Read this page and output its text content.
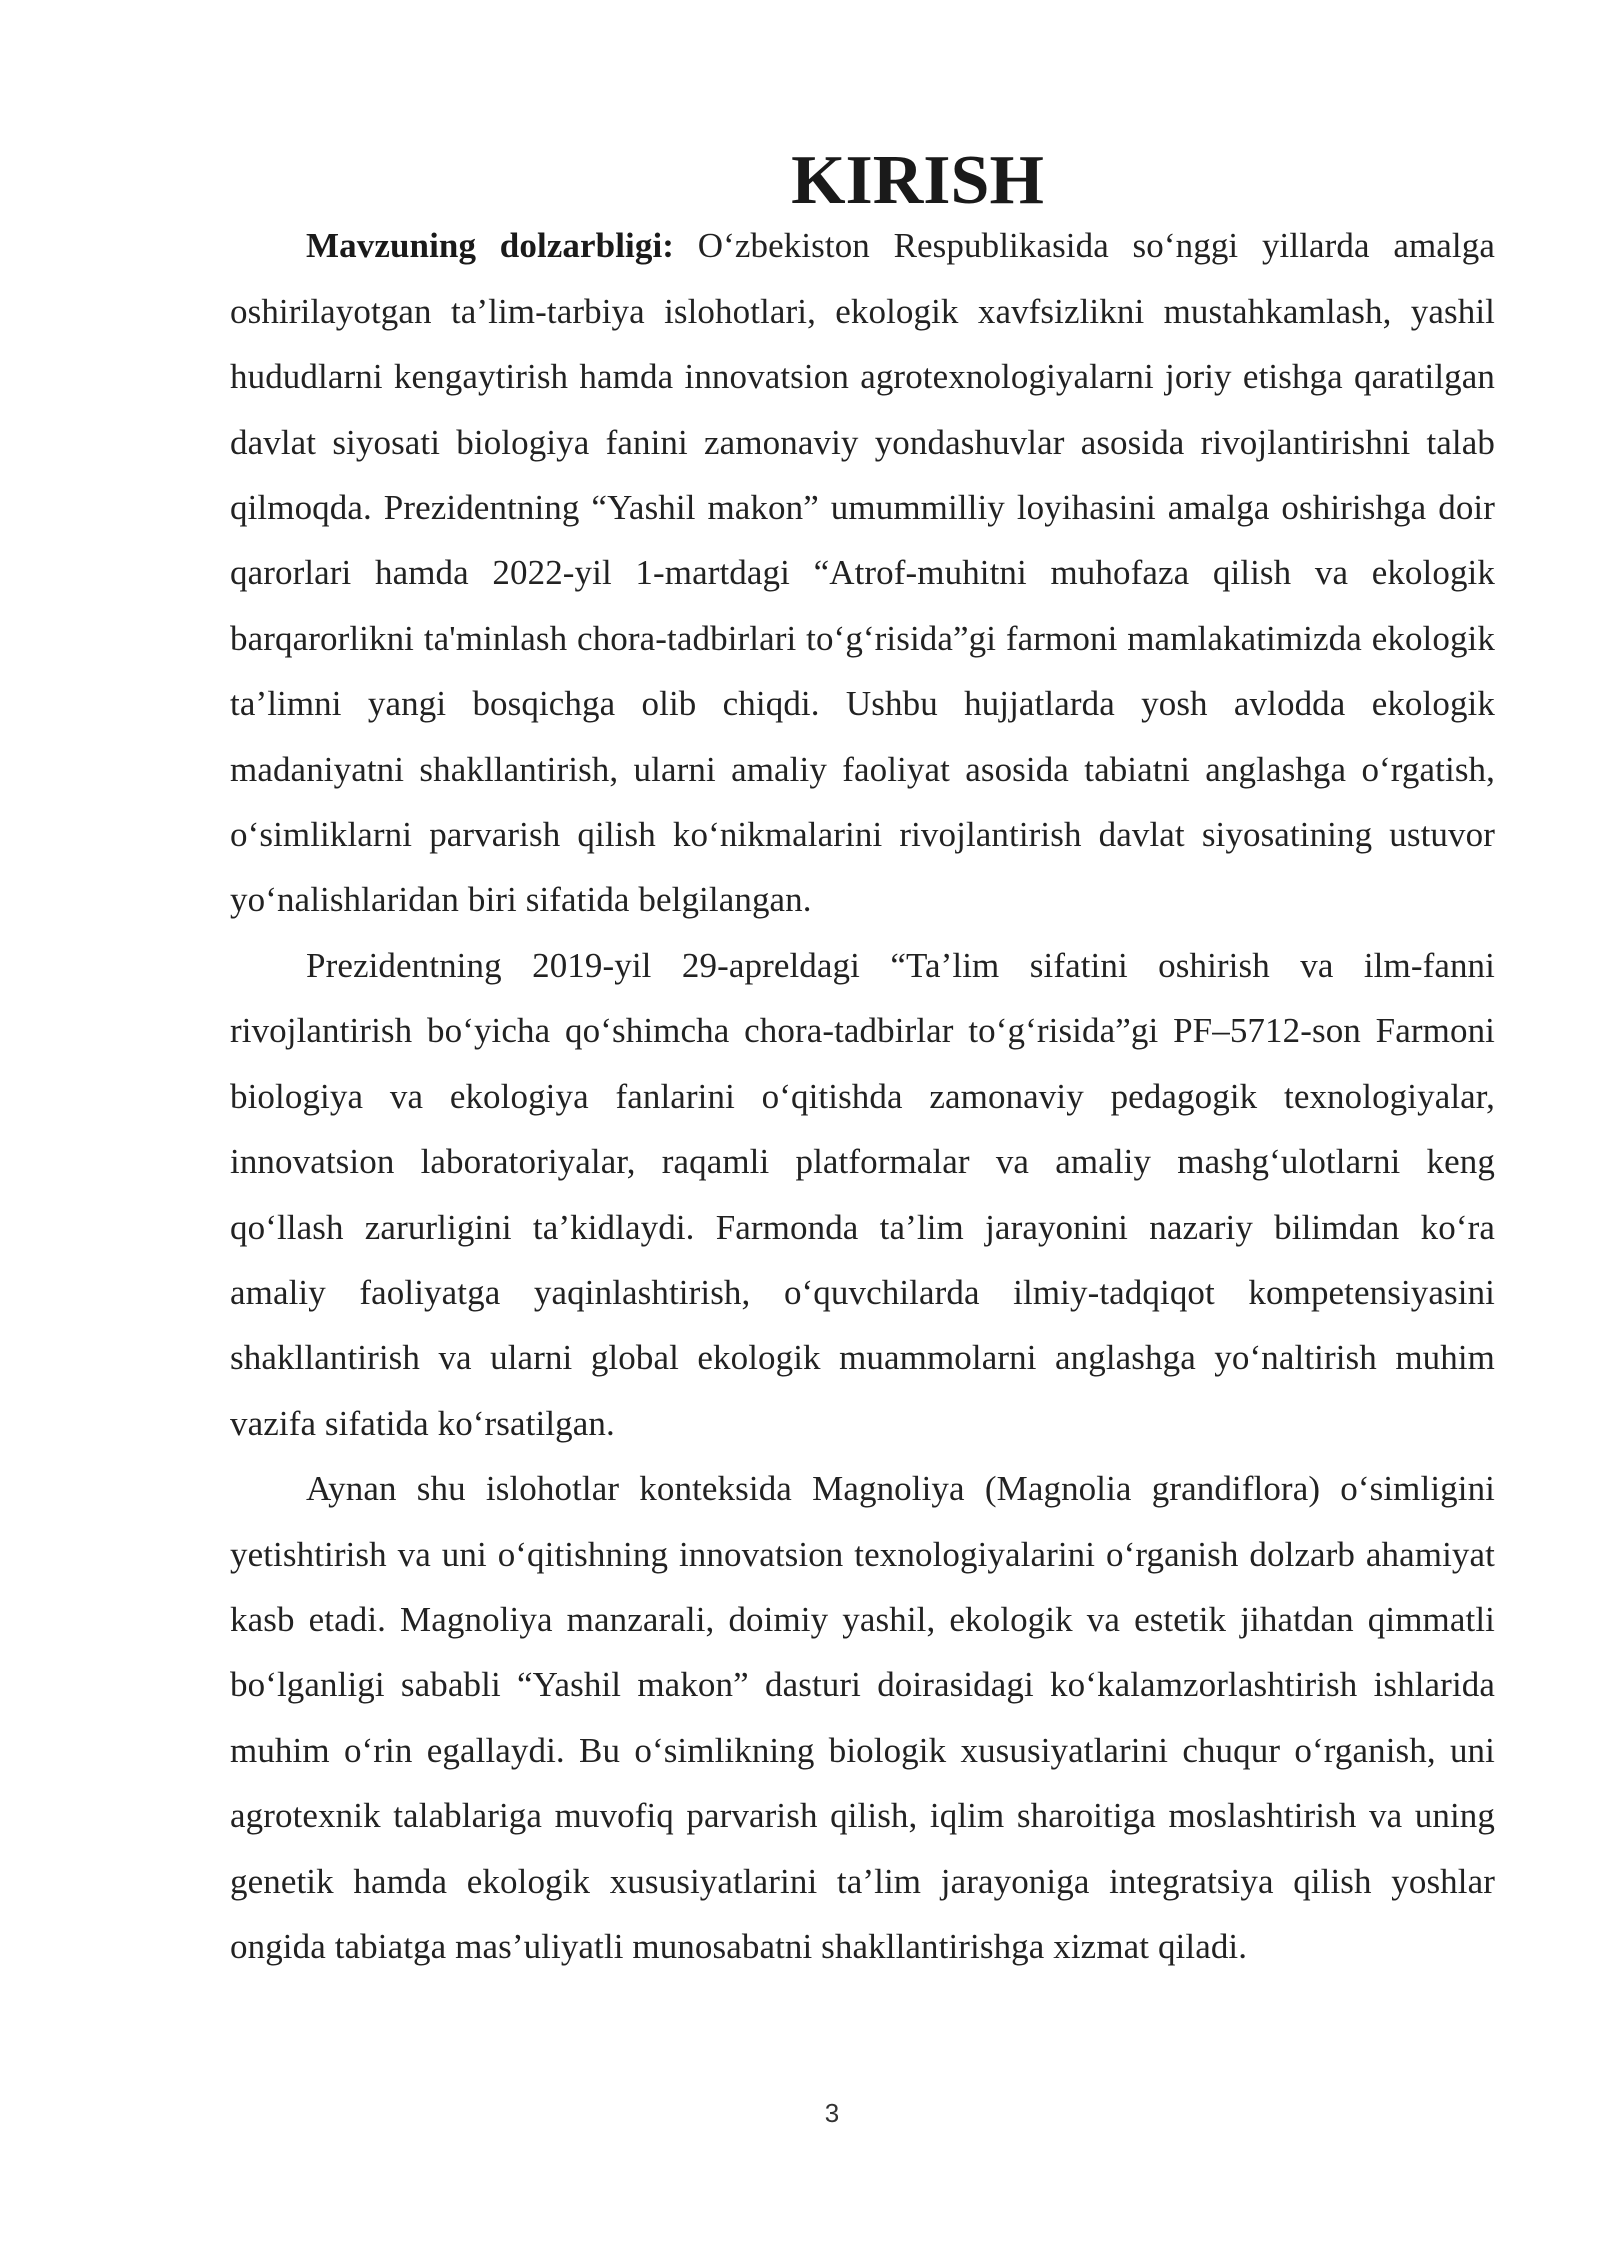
KIRISH

Mavzuning dolzarbligi: O‘zbekiston Respublikasida so‘nggi yillarda amalga oshirilayotgan ta’lim-tarbiya islohotlari, ekologik xavfsizlikni mustahkamlash, yashil hududlarni kengaytirish hamda innovatsion agrotexnologiyalarni joriy etishga qaratilgan davlat siyosati biologiya fanini zamonaviy yondashuvlar asosida rivojlantirishni talab qilmoqda. Prezidentning “Yashil makon” umummilliy loyihasini amalga oshirishga doir qarorlari hamda 2022-yil 1-martdagi “Atrof-muhitni muhofaza qilish va ekologik barqarorlikni ta'minlash chora-tadbirlari to‘g‘risida”gi farmoni mamlakatimizda ekologik ta’limni yangi bosqichga olib chiqdi. Ushbu hujjatlarda yosh avlodda ekologik madaniyatni shakllantirish, ularni amaliy faoliyat asosida tabiatni anglashga o‘rgatish, o‘simliklarni parvarish qilish ko‘nikmalarini rivojlantirish davlat siyosatining ustuvor yo‘nalishlaridan biri sifatida belgilangan.

Prezidentning 2019-yil 29-apreldagi “Ta’lim sifatini oshirish va ilm-fanni rivojlantirish bo‘yicha qo‘shimcha chora-tadbirlar to‘g‘risida”gi PF–5712-son Farmoni biologiya va ekologiya fanlarini o‘qitishda zamonaviy pedagogik texnologiyalar, innovatsion laboratoriyalar, raqamli platformalar va amaliy mashg‘ulotlarni keng qo‘llash zarurligini ta’kidlaydi. Farmonda ta’lim jarayonini nazariy bilimdan ko‘ra amaliy faoliyatga yaqinlashtirish, o‘quvchilarda ilmiy-tadqiqot kompetensiyasini shakllantirish va ularni global ekologik muammolarni anglashga yo‘naltirish muhim vazifa sifatida ko‘rsatilgan.

Aynan shu islohotlar konteksida Magnoliya (Magnolia grandiflora) o‘simligini yetishtirish va uni o‘qitishning innovatsion texnologiyalarini o‘rganish dolzarb ahamiyat kasb etadi. Magnoliya manzarali, doimiy yashil, ekologik va estetik jihatdan qimmatli bo‘lganligi sababli “Yashil makon” dasturi doirasidagi ko‘kalamzorlashtirish ishlarida muhim o‘rin egallaydi. Bu o‘simlikning biologik xususiyatlarini chuqur o‘rganish, uni agrotexnik talablariga muvofiq parvarish qilish, iqlim sharoitiga moslashtirish va uning genetik hamda ekologik xususiyatlarini ta’lim jarayoniga integratsiya qilish yoshlar ongida tabiatga mas’uliyatli munosabatni shakllantirishga xizmat qiladi.

3
